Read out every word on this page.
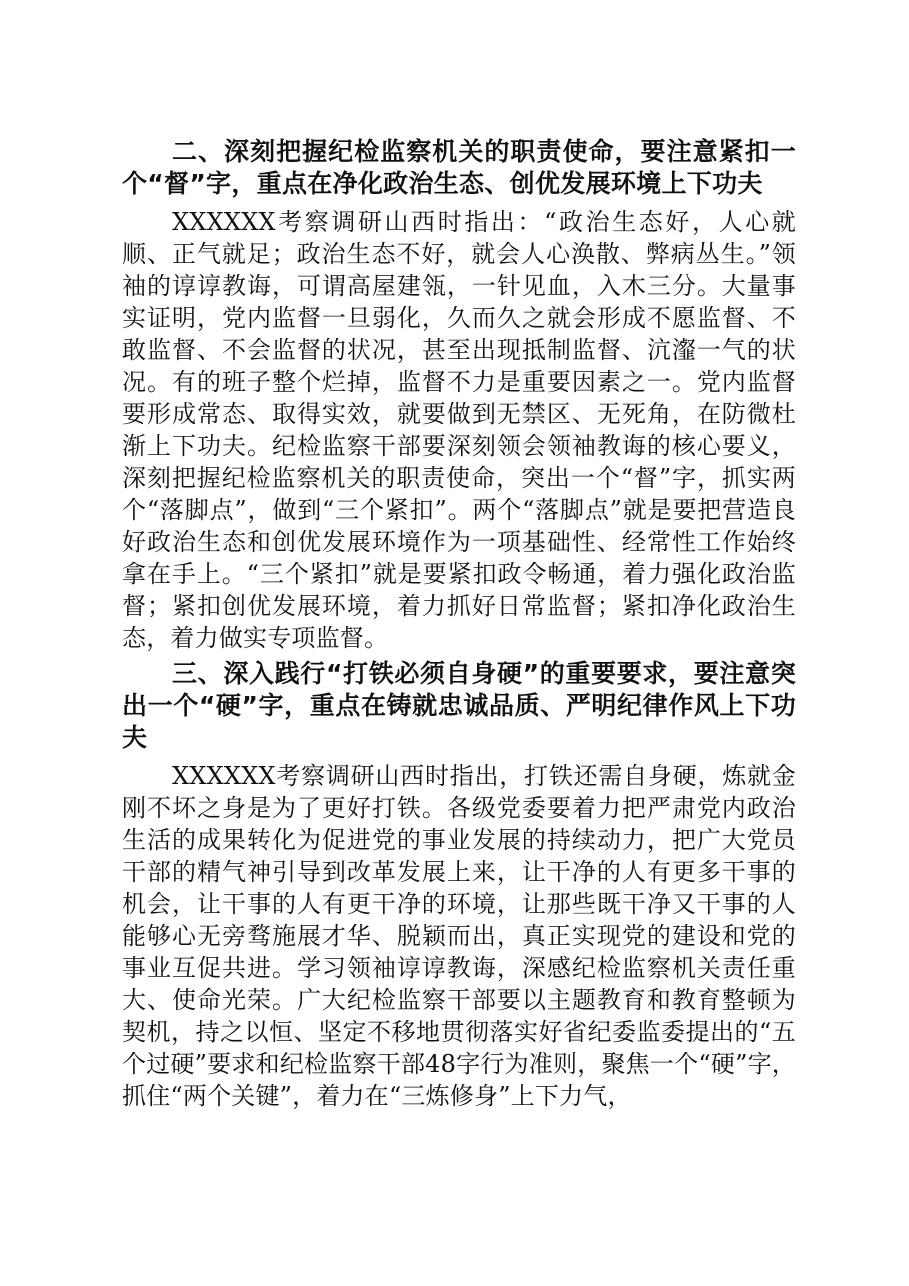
二、深刻把握纪检监察机关的职责使命，要注意紧扣一个“督”字，重点在净化政治生态、创优发展环境上下功夫

XXXXXX考察调研山西时指出：“政治生态好，人心就顺、正气就足；政治生态不好，就会人心涣散、弊病丛生。”领袖的谆谆教诲，可谓高屋建瓴，一针见血，入木三分。大量事实证明，党内监督一旦弱化，久而久之就会形成不愿监督、不敢监督、不会监督的状况，甚至出现抵制监督、沆瀣一气的状况。有的班子整个烂掉，监督不力是重要因素之一。党内监督要形成常态、取得实效，就要做到无禁区、无死角，在防微杜渐上下功夫。纪检监察干部要深刻领会领袖教诲的核心要义，深刻把握纪检监察机关的职责使命，突出一个“督”字，抓实两个“落脚点”，做到“三个紧扣”。两个“落脚点”就是要把营造良好政治生态和创优发展环境作为一项基础性、经常性工作始终拿在手上。“三个紧扣”就是要紧扣政令畅通，着力强化政治监督；紧扣创优发展环境，着力抓好日常监督；紧扣净化政治生态，着力做实专项监督。

三、深入践行“打铁必须自身硬”的重要要求，要注意突出一个“硬”字，重点在铸就忠诚品质、严明纪律作风上下功夫

XXXXXX考察调研山西时指出，打铁还需自身硬，炼就金刚不坏之身是为了更好打铁。各级党委要着力把严肃党内政治生活的成果转化为促进党的事业发展的持续动力，把广大党员干部的精气神引导到改革发展上来，让干净的人有更多干事的机会，让干事的人有更干净的环境，让那些既干净又干事的人能够心无旁骛施展才华、脱颖而出，真正实现党的建设和党的事业互促共进。学习领袖谆谆教诲，深感纪检监察机关责任重大、使命光荣。广大纪检监察干部要以主题教育和教育整顿为契机，持之以恒、坚定不移地贯彻落实好省纪委监委提出的“五个过硬”要求和纪检监察干部48字行为准则，聚焦一个“硬”字，抓住“两个关键”，着力在“三炼修身”上下力气，
